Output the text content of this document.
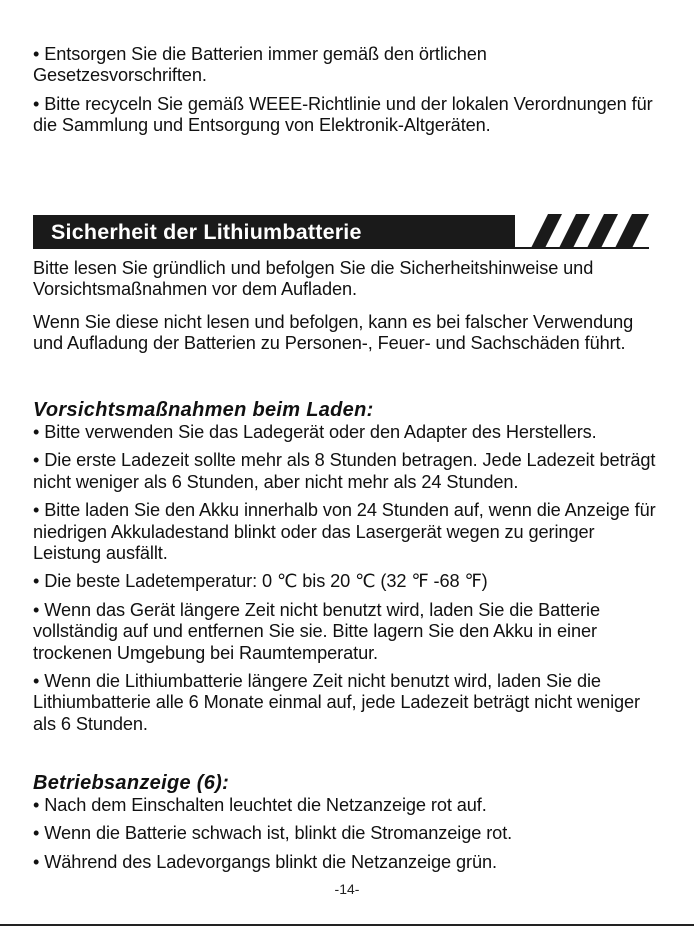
• Entsorgen Sie die Batterien immer gemäß den örtlichen Gesetzesvorschriften.

• Bitte recyceln Sie gemäß WEEE-Richtlinie und der lokalen Verordnungen für die Sammlung und Entsorgung von Elektronik-Altgeräten.

Sicherheit der Lithiumbatterie

Bitte lesen Sie gründlich und befolgen Sie die Sicherheitshinweise und Vorsichtsmaßnahmen vor dem Aufladen.

Wenn Sie diese nicht lesen und befolgen, kann es bei falscher Verwendung und Aufladung der Batterien zu Personen-, Feuer- und Sachschäden führt.

Vorsichtsmaßnahmen beim Laden:

• Bitte verwenden Sie das Ladegerät oder den Adapter des Herstellers.

• Die erste Ladezeit sollte mehr als 8 Stunden betragen. Jede Ladezeit beträgt nicht weniger als 6 Stunden, aber nicht mehr als 24 Stunden.

• Bitte laden Sie den Akku innerhalb von 24 Stunden auf, wenn die Anzeige für niedrigen Akkuladestand blinkt oder das Lasergerät wegen zu geringer Leistung ausfällt.

• Die beste Ladetemperatur: 0 ℃ bis 20 ℃ (32 ℉ -68 ℉)

• Wenn das Gerät längere Zeit nicht benutzt wird, laden Sie die Batterie vollständig auf und entfernen Sie sie. Bitte lagern Sie den Akku in einer trockenen Umgebung bei Raumtemperatur.

• Wenn die Lithiumbatterie längere Zeit nicht benutzt wird, laden Sie die Lithiumbatterie alle 6 Monate einmal auf, jede Ladezeit beträgt nicht weniger als 6 Stunden.

Betriebsanzeige (6):

• Nach dem Einschalten leuchtet die Netzanzeige rot auf.

• Wenn die Batterie schwach ist, blinkt die Stromanzeige rot.

• Während des Ladevorgangs blinkt die Netzanzeige grün.

-14-
